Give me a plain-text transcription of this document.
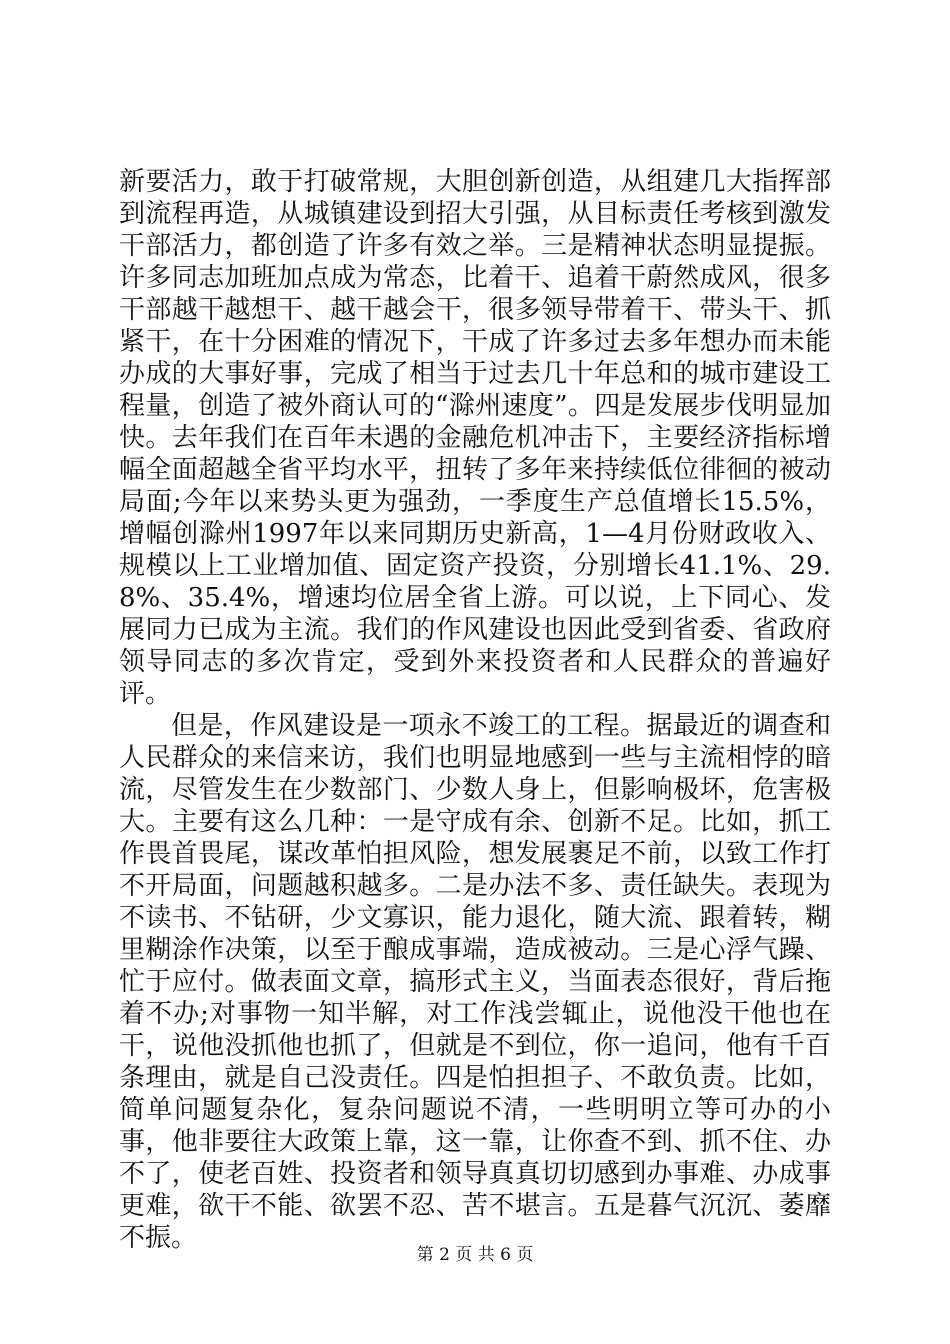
新要活力，敢于打破常规，大胆创新创造，从组建几大指挥部到流程再造，从城镇建设到招大引强，从目标责任考核到激发干部活力，都创造了许多有效之举。三是精神状态明显提振。许多同志加班加点成为常态，比着干、追着干蔚然成风，很多干部越干越想干、越干越会干，很多领导带着干、带头干、抓紧干，在十分困难的情况下，干成了许多过去多年想办而未能办成的大事好事，完成了相当于过去几十年总和的城市建设工程量，创造了被外商认可的“滁州速度”。四是发展步伐明显加快。去年我们在百年未遇的金融危机冲击下，主要经济指标增幅全面超越全省平均水平，扭转了多年来持续低位徘徊的被动局面;今年以来势头更为强劲，一季度生产总值增长15.5%，增幅创滁州1997年以来同期历史新高，1—4月份财政收入、规模以上工业增加值、固定资产投资，分别增长41.1%、29.8%、35.4%，增速均位居全省上游。可以说，上下同心、发展同力已成为主流。我们的作风建设也因此受到省委、省政府领导同志的多次肯定，受到外来投资者和人民群众的普遍好评。

但是，作风建设是一项永不竣工的工程。据最近的调查和人民群众的来信来访，我们也明显地感到一些与主流相悖的暗流，尽管发生在少数部门、少数人身上，但影响极坏，危害极大。主要有这么几种：一是守成有余、创新不足。比如，抓工作畏首畏尾，谋改革怕担风险，想发展裹足不前，以致工作打不开局面，问题越积越多。二是办法不多、责任缺失。表现为不读书、不钻研，少文寡识，能力退化，随大流、跟着转，糊里糊涂作决策，以至于酿成事端，造成被动。三是心浮气躁、忙于应付。做表面文章，搞形式主义，当面表态很好，背后拖着不办;对事物一知半解，对工作浅尝辄止，说他没干他也在干，说他没抓他也抓了，但就是不到位，你一追问，他有千百条理由，就是自己没责任。四是怕担担子、不敢负责。比如，简单问题复杂化，复杂问题说不清，一些明明立等可办的小事，他非要往大政策上靠，这一靠，让你查不到、抓不住、办不了，使老百姓、投资者和领导真真切切感到办事难、办成事更难，欲干不能、欲罢不忍、苦不堪言。五是暮气沉沉、萎靡不振。

第 2 页 共 6 页
